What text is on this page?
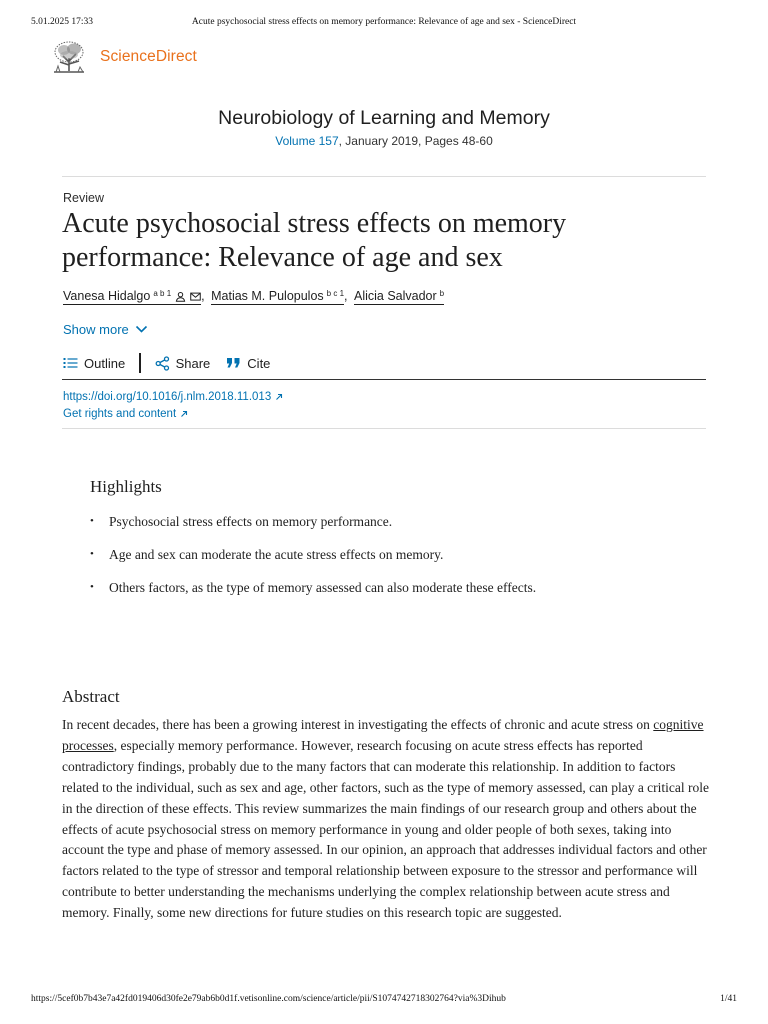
5.01.2025 17:33	Acute psychosocial stress effects on memory performance: Relevance of age and sex - ScienceDirect
ScienceDirect
Neurobiology of Learning and Memory
Volume 157, January 2019, Pages 48-60
Review
Acute psychosocial stress effects on memory performance: Relevance of age and sex
Vanesa Hidalgo $^{a b 1}$ , Matias M. Pulopulos $^{b c 1}$ , Alicia Salvador $^b$
Show more
Outline	Share	Cite
https://doi.org/10.1016/j.nlm.2018.11.013
Get rights and content
Highlights
• Psychosocial stress effects on memory performance.
• Age and sex can moderate the acute stress effects on memory.
• Others factors, as the type of memory assessed can also moderate these effects.
Abstract

In recent decades, there has been a growing interest in investigating the effects of chronic and acute stress on cognitive processes, especially memory performance. However, research focusing on acute stress effects has reported contradictory findings, probably due to the many factors that can moderate this relationship. In addition to factors related to the individual, such as sex and age, other factors, such as the type of memory assessed, can play a critical role in the direction of these effects. This review summarizes the main findings of our research group and others about the effects of acute psychosocial stress on memory performance in young and older people of both sexes, taking into account the type and phase of memory assessed. In our opinion, an approach that addresses individual factors and other factors related to the type of stressor and temporal relationship between exposure to the stressor and performance will contribute to better understanding the mechanisms underlying the complex relationship between acute stress and memory. Finally, some new directions for future studies on this research topic are suggested.

https://5cef0b7b43e7a42fd019406d30fe2e79ab6b0d1f.vetisonline.com/science/article/pii/S1074742718302764?via%3Dihub	1/41
